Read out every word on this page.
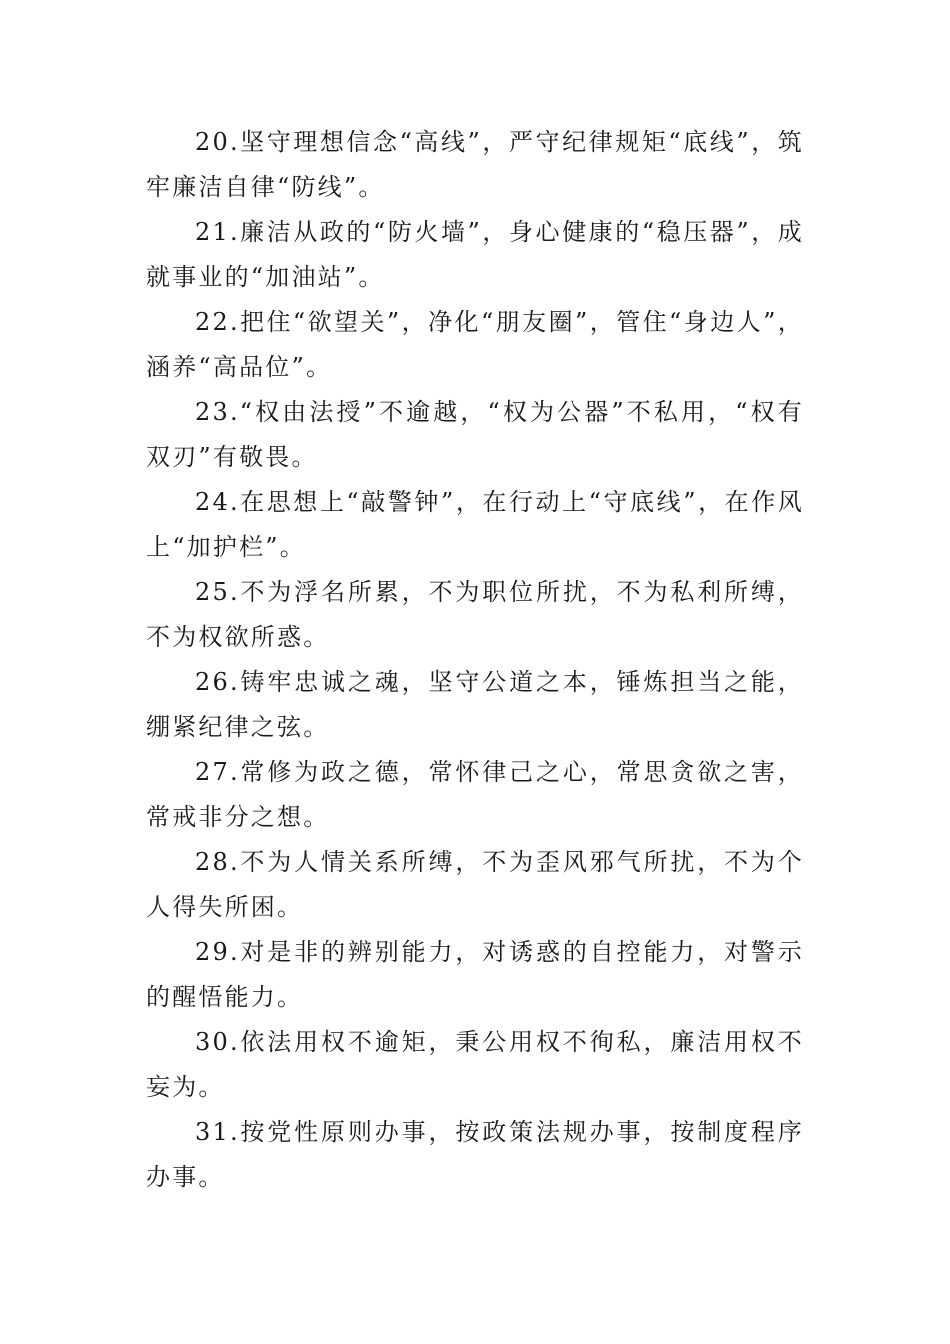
20.坚守理想信念“高线”，严守纪律规矩“底线”，筑牢廉洁自律“防线”。

21.廉洁从政的“防火墙”，身心健康的“稳压器”，成就事业的“加油站”。

22.把住“欲望关”，净化“朋友圈”，管住“身边人”，涵养“高品位”。

23.“权由法授”不逾越，“权为公器”不私用，“权有双刃”有敬畏。

24.在思想上“敲警钟”，在行动上“守底线”，在作风上“加护栏”。

25.不为浮名所累，不为职位所扰，不为私利所缚，不为权欲所惑。

26.铸牢忠诚之魂，坚守公道之本，锤炼担当之能，绷紧纪律之弦。

27.常修为政之德，常怀律己之心，常思贪欲之害，常戒非分之想。

28.不为人情关系所缚，不为歪风邪气所扰，不为个人得失所困。

29.对是非的辨别能力，对诱惑的自控能力，对警示的醒悟能力。

30.依法用权不逾矩，秉公用权不徇私，廉洁用权不妄为。

31.按党性原则办事，按政策法规办事，按制度程序办事。
